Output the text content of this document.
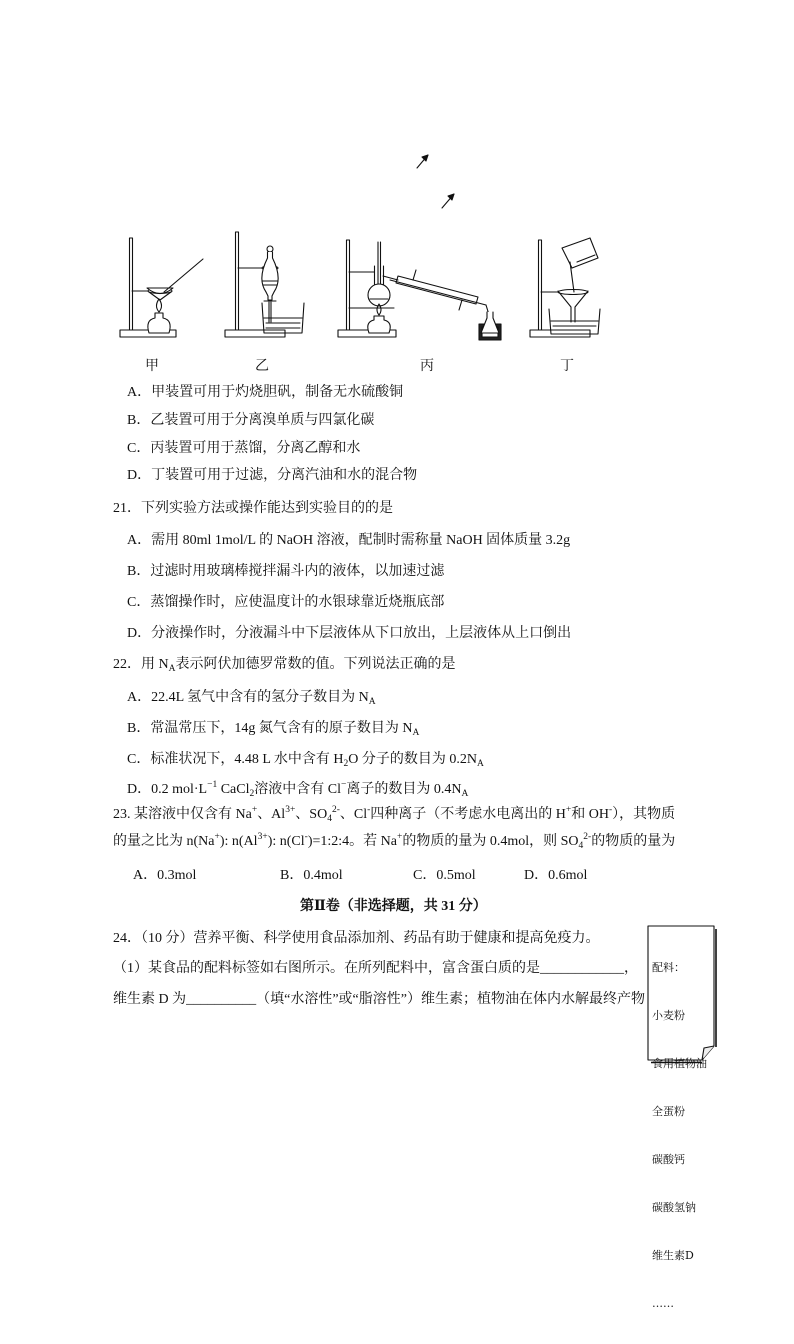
甲	乙	丙	丁
A．甲装置可用于灼烧胆矾，制备无水硫酸铜
B．乙装置可用于分离溴单质与四氯化碳
C．丙装置可用于蒸馏，分离乙醇和水
D．丁装置可用于过滤，分离汽油和水的混合物
21．下列实验方法或操作能达到实验目的的是
A．需用 80ml 1mol/L 的 NaOH 溶液，配制时需称量 NaOH 固体质量 3.2g
B．过滤时用玻璃棒搅拌漏斗内的液体，以加速过滤
C．蒸馏操作时，应使温度计的水银球靠近烧瓶底部
D．分液操作时，分液漏斗中下层液体从下口放出，上层液体从上口倒出
22．用 $N_A$表示阿伏加德罗常数的值。下列说法正确的是
A．22.4L 氢气中含有的氢分子数目为 $N_A$
B．常温常压下，14g 氮气含有的原子数目为 $N_A$
C．标准状况下，4.48 L 水中含有 $H_2O$ 分子的数目为 $0.2N_A$
D．0.2 $mol\cdot L^{-1}$ CaCl$_2$溶液中含有 Cl−离子的数目为 $0.4N_A$
23. 某溶液中仅含有 Na+、$Al^{3+}$、$SO_4^{2-}$、Cl-四种离子（不考虑水电离出的 H+和 OH-），其物质
的量之比为 n(Na+): $n(Al^{3+})$: n(Cl-)=1:2:4。若 Na+的物质的量为 0.4mol，则 $SO_4^{2-}$的物质的量为
A．0.3mol	B．0.4mol	C．0.5mol	D．0.6mol
第Ⅱ卷（非选择题，共 31 分）
24．（10 分）营养平衡、科学使用食品添加剂、药品有助于健康和提高免疫力。
（1）某食品的配料标签如右图所示。在所列配料中，富含蛋白质的是____________，
维生素 D 为__________（填“水溶性”或“脂溶性”）维生素；植物油在体内水解最终产物

配料：

小麦粉

食用植物油

全蛋粉

碳酸钙

碳酸氢钠

维生素D

……
